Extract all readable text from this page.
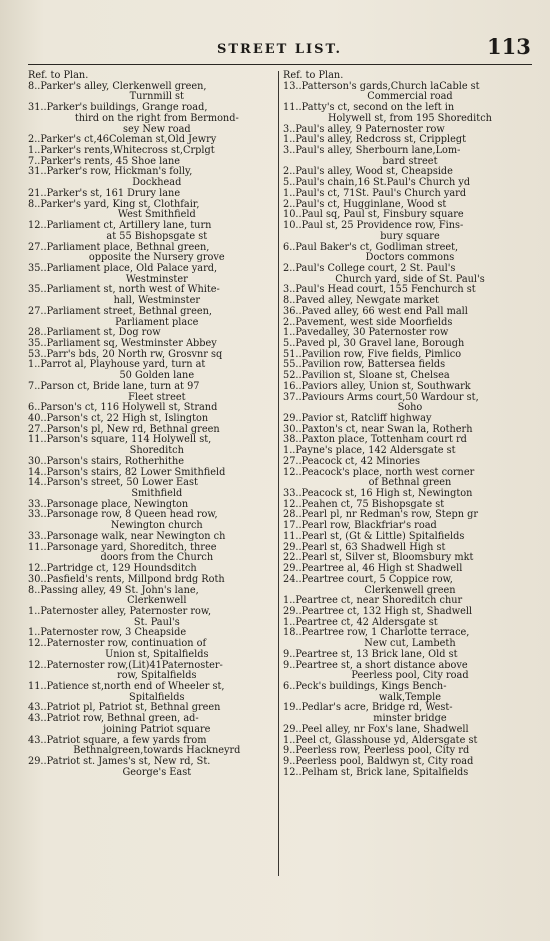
STREET LIST.	113
Ref. to Plan.
8..Parker's alley, Clerkenwell green,
Turnmill st
31..Parker's buildings, Grange road,
third on the right from Bermond-
sey New road
2..Parker's ct,46Coleman st,Old Jewry
1..Parker's rents,Whitecross st,Crplgt
7..Parker's rents, 45 Shoe lane
31..Parker's row, Hickman's folly,
Dockhead
21..Parker's st, 161 Drury lane
8..Parker's yard, King st, Clothfair,
West Smithfield
12..Parliament ct, Artillery lane, turn
at 55 Bishopsgate st
27..Parliament place, Bethnal green,
opposite the Nursery grove
35..Parliament place, Old Palace yard,
Westminster
35..Parliament st, north west of White-
hall, Westminster
27..Parliament street, Bethnal green,
Parliament place
28..Parliament st, Dog row
35..Parliament sq, Westminster Abbey
53..Parr's bds, 20 North rw, Grosvnr sq
1..Parrot al, Playhouse yard, turn at
50 Golden lane
7..Parson ct, Bride lane, turn at 97
Fleet street
6..Parson's ct, 116 Holywell st, Strand
40..Parson's ct, 22 High st, Islington
27..Parson's pl, New rd, Bethnal green
11..Parson's square, 114 Holywell st,
Shoreditch
30..Parson's stairs, Rotherhithe
14..Parson's stairs, 82 Lower Smithfield
14..Parson's street, 50 Lower East
Smithfield
33..Parsonage place, Newington
33..Parsonage row, 8 Queen head row,
Newington church
33..Parsonage walk, near Newington ch
11..Parsonage yard, Shoreditch, three
doors from the Church
12..Partridge ct, 129 Houndsditch
30..Pasfield's rents, Millpond brdg Roth
8..Passing alley, 49 St. John's lane,
Clerkenwell
1..Paternoster alley, Paternoster row,
St. Paul's
1..Paternoster row, 3 Cheapside
12..Paternoster row, continuation of
Union st, Spitalfields
12..Paternoster row,(Lit)41Paternoster-
row, Spitalfields
11..Patience st,north end of Wheeler st,
Spitalfields
43..Patriot pl, Patriot st, Bethnal green
43..Patriot row, Bethnal green, ad-
joining Patriot square
43..Patriot square, a few yards from
Bethnalgreen,towards Hackneyrd
29..Patriot st. James's st, New rd, St.
George's East
Ref. to Plan.
13..Patterson's gards,Church laCable st
Commercial road
11..Patty's ct, second on the left in
Holywell st, from 195 Shoreditch
3..Paul's alley, 9 Paternoster row
1..Paul's alley, Redcross st, Cripplegt
3..Paul's alley, Sherbourn lane,Lom-
bard street
2..Paul's alley, Wood st, Cheapside
5..Paul's chain,16 St.Paul's Church yd
1..Paul's ct, 71St. Paul's Church yard
2..Paul's ct, Hugginlane, Wood st
10..Paul sq, Paul st, Finsbury square
10..Paul st, 25 Providence row, Fins-
bury square
6..Paul Baker's ct, Godliman street,
Doctors commons
2..Paul's College court, 2 St. Paul's
Church yard, side of St. Paul's
3..Paul's Head court, 155 Fenchurch st
8..Paved alley, Newgate market
36..Paved alley, 66 west end Pall mall
2..Pavement, west side Moorfields
1..Pavedalley, 30 Paternoster row
5..Paved pl, 30 Gravel lane, Borough
51..Pavilion row, Five fields, Pimlico
55..Pavilion row, Battersea fields
52..Pavilion st, Sloane st, Chelsea
16..Paviors alley, Union st, Southwark
37..Paviours Arms court,50 Wardour st,
Soho
29..Pavior st, Ratcliff highway
30..Paxton's ct, near Swan la, Rotherh
38..Paxton place, Tottenham court rd
1..Payne's place, 142 Aldersgate st
27..Peacock ct, 42 Minories
12..Peacock's place, north west corner
of Bethnal green
33..Peacock st, 16 High st, Newington
12..Peahen ct, 75 Bishopsgate st
28..Pearl pl, nr Redman's row, Stepn gr
17..Pearl row, Blackfriar's road
11..Pearl st, (Gt & Little) Spitalfields
29..Pearl st, 63 Shadwell High st
22..Pearl st, Silver st, Bloomsbury mkt
29..Peartree al, 46 High st Shadwell
24..Peartree court, 5 Coppice row,
Clerkenwell green
1..Peartree ct, near Shoreditch chur
29..Peartree ct, 132 High st, Shadwell
1..Peartree ct, 42 Aldersgate st
18..Peartree row, 1 Charlotte terrace,
New cut, Lambeth
9..Peartree st, 13 Brick lane, Old st
9..Peartree st, a short distance above
Peerless pool, City road
6..Peck's buildings, Kings Bench-
walk,Temple
19..Pedlar's acre, Bridge rd, West-
minster bridge
29..Peel alley, nr Fox's lane, Shadwell
1..Peel ct, Glasshouse yd, Aldersgate st
9..Peerless row, Peerless pool, City rd
9..Peerless pool, Baldwyn st, City road
12..Pelham st, Brick lane, Spitalfields
